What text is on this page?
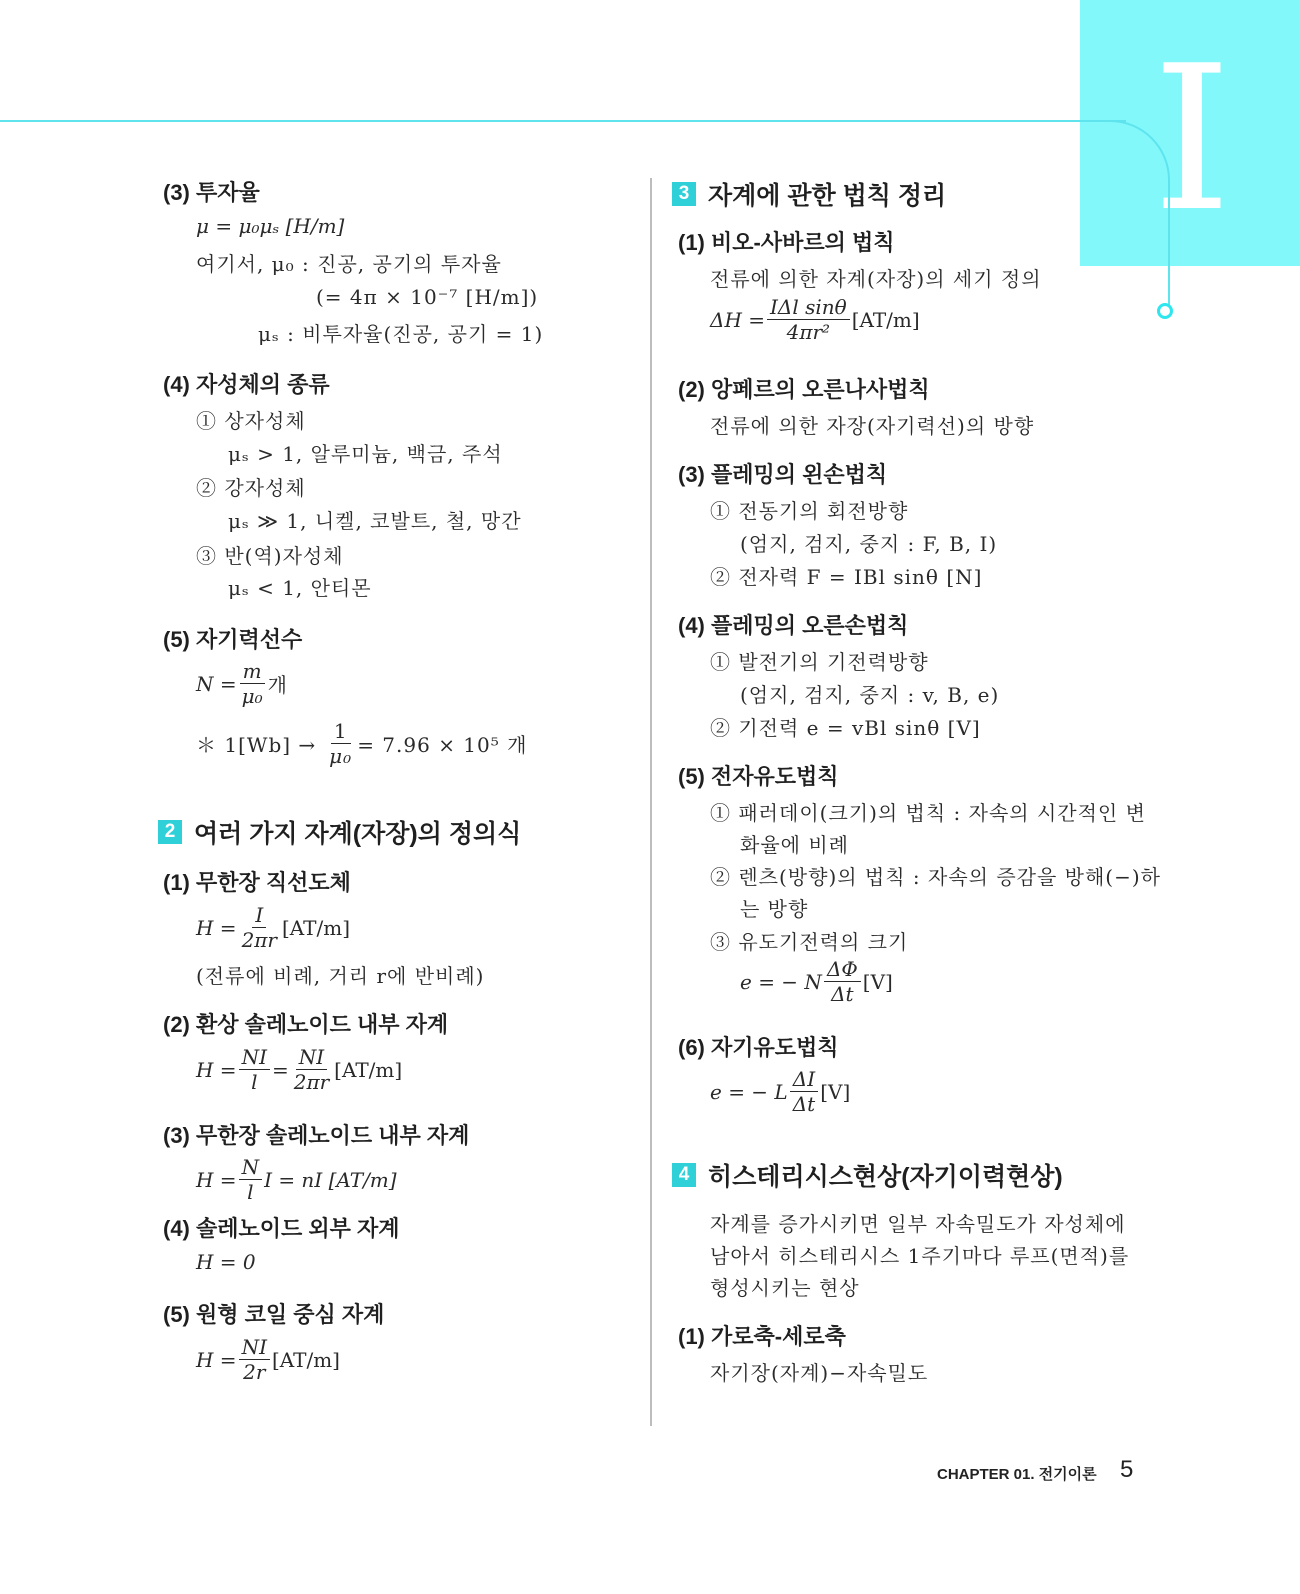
I
(3) 투자율
μ = μ₀μₛ [H/m]
여기서, μ₀ : 진공, 공기의 투자율
(= 4π × 10⁻⁷ [H/m])
μₛ : 비투자율(진공, 공기 = 1)
(4) 자성체의 종류
① 상자성체
μₛ > 1, 알루미늄, 백금, 주석
② 강자성체
μₛ ≫ 1, 니켈, 코발트, 철, 망간
③ 반(역)자성체
μₛ < 1, 안티몬
(5) 자기력선수
$N = \frac{m}{\text{μ₀}}$ 개
＊ $1[Wb] \to \frac{1}{\text{μ₀}} = 7.96 \times 10^5$ 개
2 여러 가지 자계(자장)의 정의식
(1) 무한장 직선도체
$H = \frac{I}{2\pi r} [AT/m]$
(전류에 비례, 거리 r에 반비례)
(2) 환상 솔레노이드 내부 자계
$H = \frac{NI}{l} = \frac{NI}{2\pi r} [AT/m]$
(3) 무한장 솔레노이드 내부 자계
$H = \frac{N}{l}$ I = nI [AT/m]
(4) 솔레노이드 외부 자계
H = 0
(5) 원형 코일 중심 자계
$H = \frac{NI}{2r} [AT/m]$
3 자계에 관한 법칙 정리
(1) 비오-사바르의 법칙
전류에 의한 자계(자장)의 세기 정의
$\Delta H = \frac{\text{IΔl sinθ}}{\text{4πr²}} [AT/m]$
(2) 앙페르의 오른나사법칙
전류에 의한 자장(자기력선)의 방향
(3) 플레밍의 왼손법칙
① 전동기의 회전방향
(엄지, 검지, 중지 : F, B, I)
② 전자력 F = IBl sinθ [N]
(4) 플레밍의 오른손법칙
① 발전기의 기전력방향
(엄지, 검지, 중지 : v, B, e)
② 기전력 e = vBl sinθ [V]
(5) 전자유도법칙
① 패러데이(크기)의 법칙 : 자속의 시간적인 변
화율에 비례
② 렌츠(방향)의 법칙 : 자속의 증감을 방해(−)하
는 방향
③ 유도기전력의 크기
e = − N $\frac{\Delta\Phi}{\Delta t} [V]$
(6) 자기유도법칙
e = − L $\frac{\Delta I}{\Delta t} [V]$
4 히스테리시스현상(자기이력현상)
자계를 증가시키면 일부 자속밀도가 자성체에
남아서 히스테리시스 1주기마다 루프(면적)를
형성시키는 현상
(1) 가로축-세로축
자기장(자계)−자속밀도
CHAPTER 01. 전기이론 5
